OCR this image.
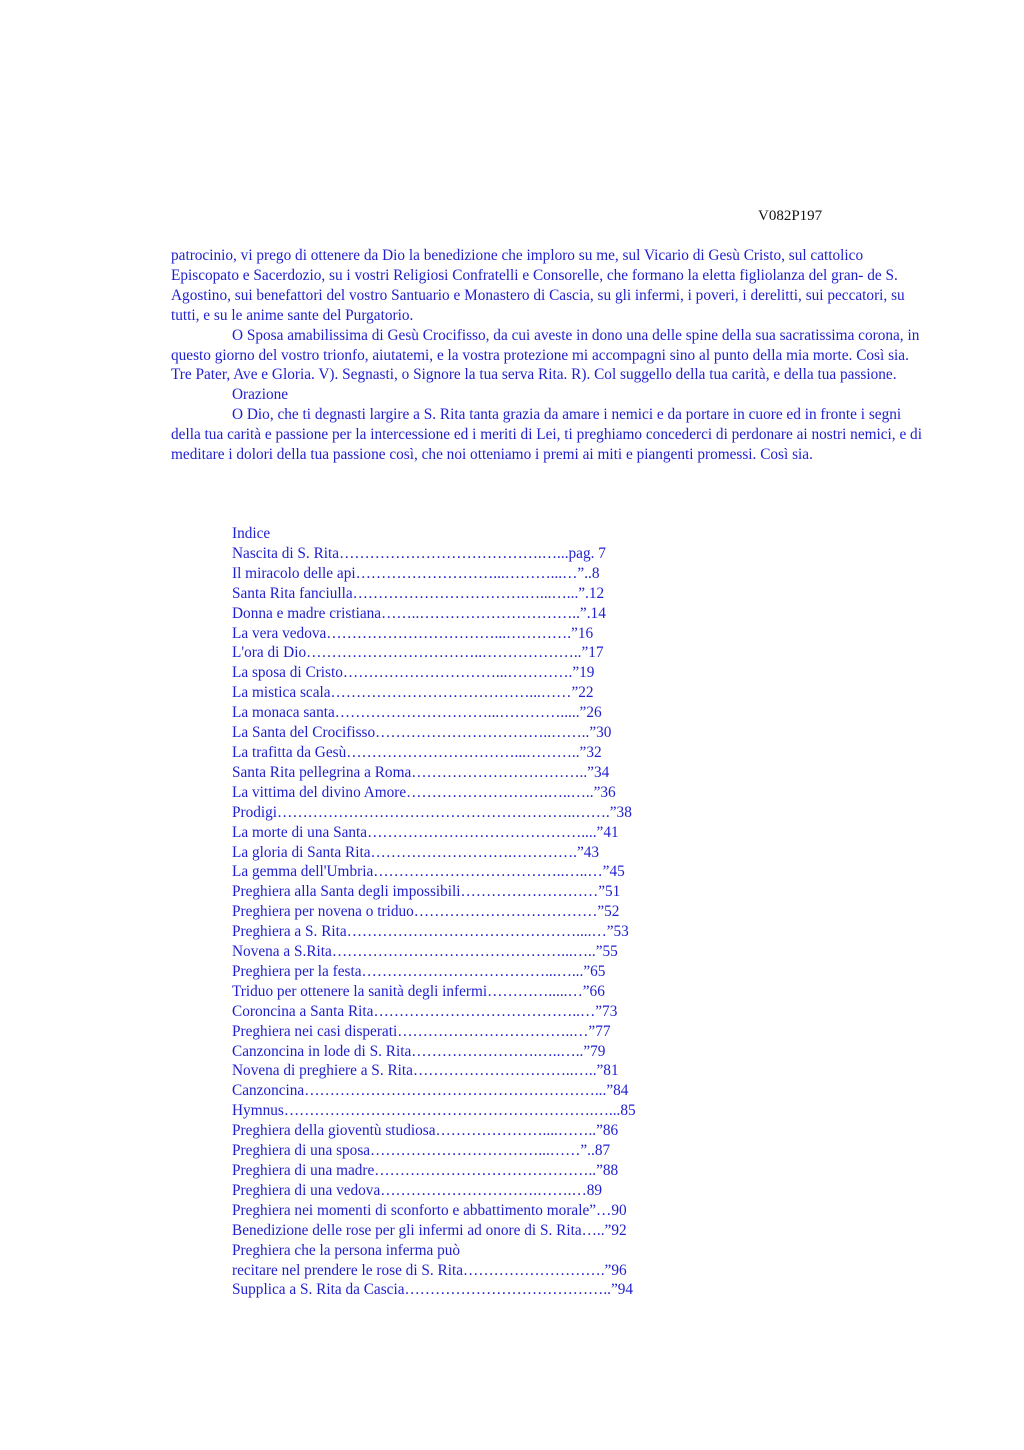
V082P197

patrocinio, vi prego di ottenere da Dio la benedizione che imploro su me, sul Vicario di Gesù Cristo, sul cattolico Episcopato e Sacerdozio, su i vostri Religiosi Confratelli e Consorelle, che formano la eletta figliolanza del gran- de S. Agostino, sui benefattori del vostro Santuario e Monastero di Cascia, su gli infermi, i poveri, i derelitti, sui peccatori, su tutti, e su le anime sante del Purgatorio.

O Sposa amabilissima di Gesù Crocifisso, da cui aveste in dono una delle spine della sua sacratissima corona, in questo giorno del vostro trionfo, aiutatemi, e la vostra protezione mi accompagni sino al punto della mia morte. Così sia. Tre Pater, Ave e Gloria. V). Segnasti, o Signore la tua serva Rita. R). Col suggello della tua carità, e della tua passione.

Orazione

O Dio, che ti degnasti largire a S. Rita tanta grazia da amare i nemici e da portare in cuore ed in fronte i segni della tua carità e passione per la intercessione ed i meriti di Lei, ti preghiamo concederci di perdonare ai nostri nemici, e di meditare i dolori della tua passione così, che noi otteniamo i premi ai miti e piangenti promessi. Così sia.

Indice
Nascita di S. Rita………………………………….…...pag. 7
Il miracolo delle api………………………...………...…”..8
Santa Rita fanciulla…………………………….…...…...”.12
Donna e madre cristiana……..…………………………..”.14
La vera vedova……………………………...………….”16
L'ora di Dio……………………………..………………..”17
La sposa di Cristo…………………………...………….”19
La mistica scala…………………………………...……”22
La monaca santa…………………………...………….....”26
La Santa del Crocifisso……………………………..……..”30
La trafitta da Gesù……………………………...………..”32
Santa Rita pellegrina a Roma……………………………..”34
La vittima del divino Amore……………………….…..…..”36
Prodigi…………………………………………………..…….”38
La morte di una Santa……………………………………....”41
La gloria di Santa Rita……………………….………….”43
La gemma dell'Umbria………………………………..…..…”45
Preghiera alla Santa degli impossibili………………………”51
Preghiera per novena o triduo………………………………”52
Preghiera a S. Rita………………………………………....…”53
Novena a S.Rita………………………………………...…..”55
Preghiera per la festa………………………………...…...”65
Triduo per ottenere la sanità degli infermi………….....…”66
Coroncina a Santa Rita…………………………………..…”73
Preghiera nei casi disperati……………………………..…”77
Canzoncina in lode di S. Rita…………………….…..…..”79
Novena di preghiere a S. Rita…………………………..…..”81
Canzoncina…………………………………………………...”84
Hymnus…………………………………………………….…...85
Preghiera della gioventù studiosa…………………....……..”86
Preghiera di una sposa……………………………...……”..87
Preghiera di una madre……………………………………..”88
Preghiera di una vedova………………………….…….…89
Preghiera nei momenti di sconforto e abbattimento morale”…90
Benedizione delle rose per gli infermi ad onore di S. Rita…..”92
Preghiera che la persona inferma può
recitare nel prendere le rose di S. Rita……………………….”96
Supplica a S. Rita da Cascia…………………………………..”94
